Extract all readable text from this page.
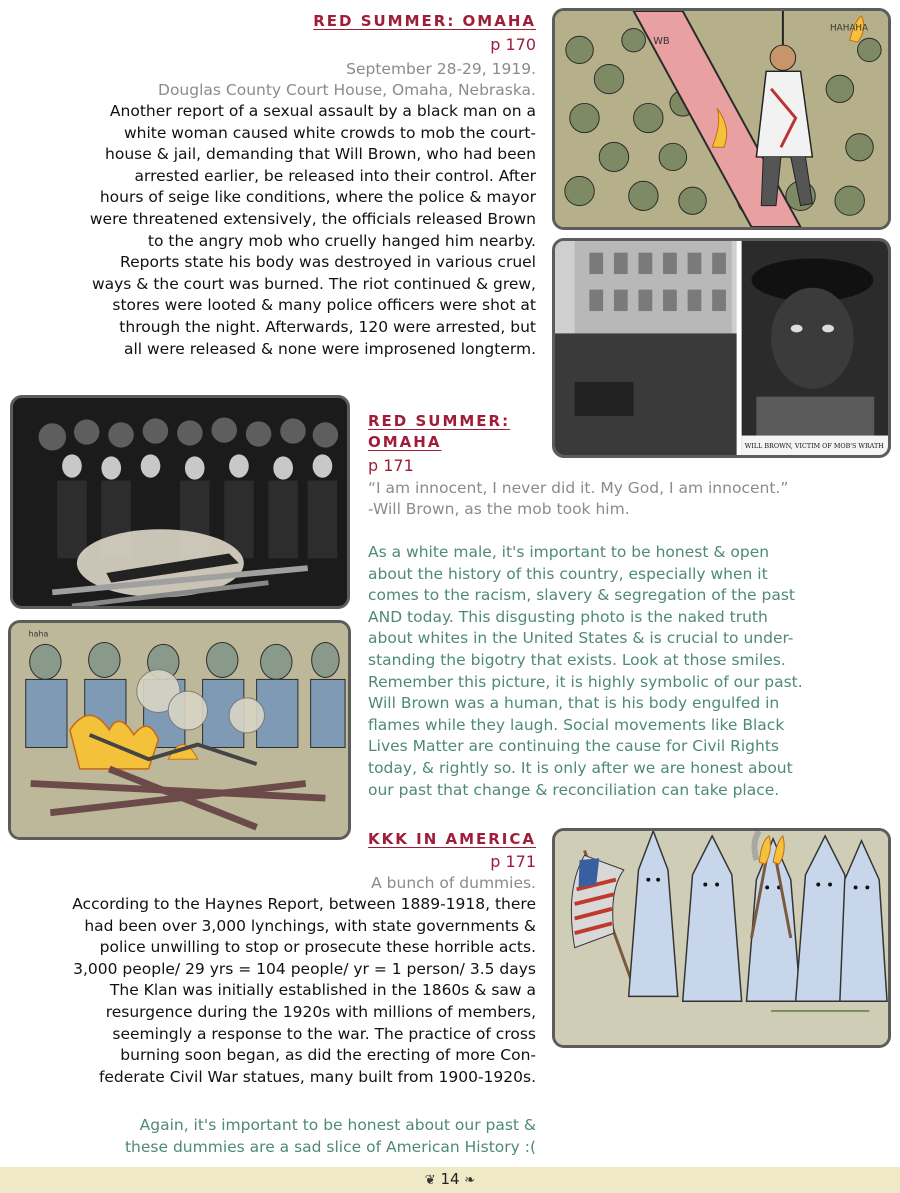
RED SUMMER: OMAHA
p 170
September 28-29, 1919.
Douglas County Court House, Omaha, Nebraska.
Another report of a sexual assault by a black man on a
white woman caused white crowds to mob the court-
house & jail, demanding that Will Brown, who had been
arrested earlier, be released into their control. After
hours of seige like conditions, where the police & mayor
were threatened extensively, the officials released Brown
to the angry mob who cruelly hanged him nearby.
Reports state his body was destroyed in various cruel
ways & the court was burned. The riot continued & grew,
stores were looted & many police officers were shot at
through the night. Afterwards, 120 were arrested, but
all were released & none were improsened longterm.
WB
HAHAHA
WILL BROWN, VICTIM OF MOB'S WRATH
RED SUMMER:
OMAHA
p 171
“I am innocent, I never did it. My God, I am innocent.”
-Will Brown, as the mob took him.
As a white male, it's important to be honest & open
about the history of this country, especially when it
comes to the racism, slavery & segregation of the past
AND today. This disgusting photo is the naked truth
about whites in the United States & is crucial to under-
standing the bigotry that exists. Look at those smiles.
Remember this picture, it is highly symbolic of our past.
Will Brown was a human, that is his body engulfed in
flames while they laugh. Social movements like Black
Lives Matter are continuing the cause for Civil Rights
today, & rightly so. It is only after we are honest about
our past that change & reconciliation can take place.
haha
KKK IN AMERICA
p 171
A bunch of dummies.
According to the Haynes Report, between 1889-1918, there
had been over 3,000 lynchings, with state governments &
police unwilling to stop or prosecute these horrible acts.
3,000 people/ 29 yrs = 104 people/ yr = 1 person/ 3.5 days
The Klan was initially established in the 1860s & saw a
resurgence during the 1920s with millions of members,
seemingly a response to the war. The practice of cross
burning soon began, as did the erecting of more Con-
federate Civil War statues, many built from 1900-1920s.
Again, it's important to be honest about our past &
these dummies are a sad slice of American History :(
❦ 14 ❧
